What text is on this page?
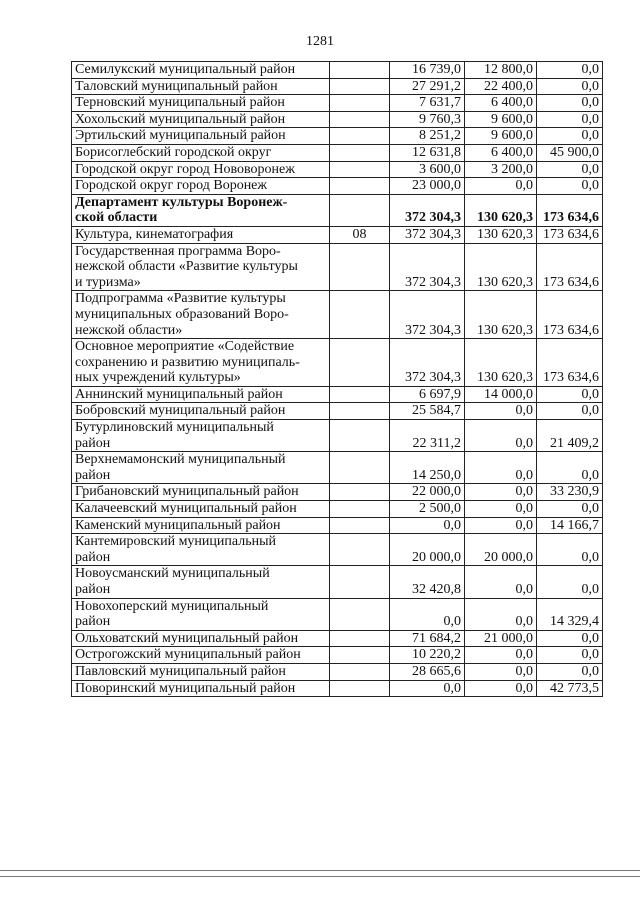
1281
Семилукский муниципальный район		16 739,0	12 800,0	0,0
Таловский муниципальный район		27 291,2	22 400,0	0,0
Терновский муниципальный район		7 631,7	6 400,0	0,0
Хохольский муниципальный район		9 760,3	9 600,0	0,0
Эртильский муниципальный район		8 251,2	9 600,0	0,0
Борисоглебский городской округ		12 631,8	6 400,0	45 900,0
Городской округ город Нововоронеж		3 600,0	3 200,0	0,0
Городской округ город Воронеж		23 000,0	0,0	0,0
Департамент культуры Воронеж-
ской области		372 304,3	130 620,3	173 634,6
Культура, кинематография	08	372 304,3	130 620,3	173 634,6
Государственная программа Воро-
нежской области «Развитие культуры
и туризма»		372 304,3	130 620,3	173 634,6
Подпрограмма «Развитие культуры
муниципальных образований Воро-
нежской области»		372 304,3	130 620,3	173 634,6
Основное мероприятие «Содействие
сохранению и развитию муниципаль-
ных учреждений культуры»		372 304,3	130 620,3	173 634,6
Аннинский муниципальный район		6 697,9	14 000,0	0,0
Бобровский муниципальный район		25 584,7	0,0	0,0
Бутурлиновский муниципальный
район		22 311,2	0,0	21 409,2
Верхнемамонский муниципальный
район		14 250,0	0,0	0,0
Грибановский муниципальный район		22 000,0	0,0	33 230,9
Калачеевский муниципальный район		2 500,0	0,0	0,0
Каменский муниципальный район		0,0	0,0	14 166,7
Кантемировский муниципальный
район		20 000,0	20 000,0	0,0
Новоусманский муниципальный
район		32 420,8	0,0	0,0
Новохоперский муниципальный
район		0,0	0,0	14 329,4
Ольховатский муниципальный район		71 684,2	21 000,0	0,0
Острогожский муниципальный район		10 220,2	0,0	0,0
Павловский муниципальный район		28 665,6	0,0	0,0
Поворинский муниципальный район		0,0	0,0	42 773,5
